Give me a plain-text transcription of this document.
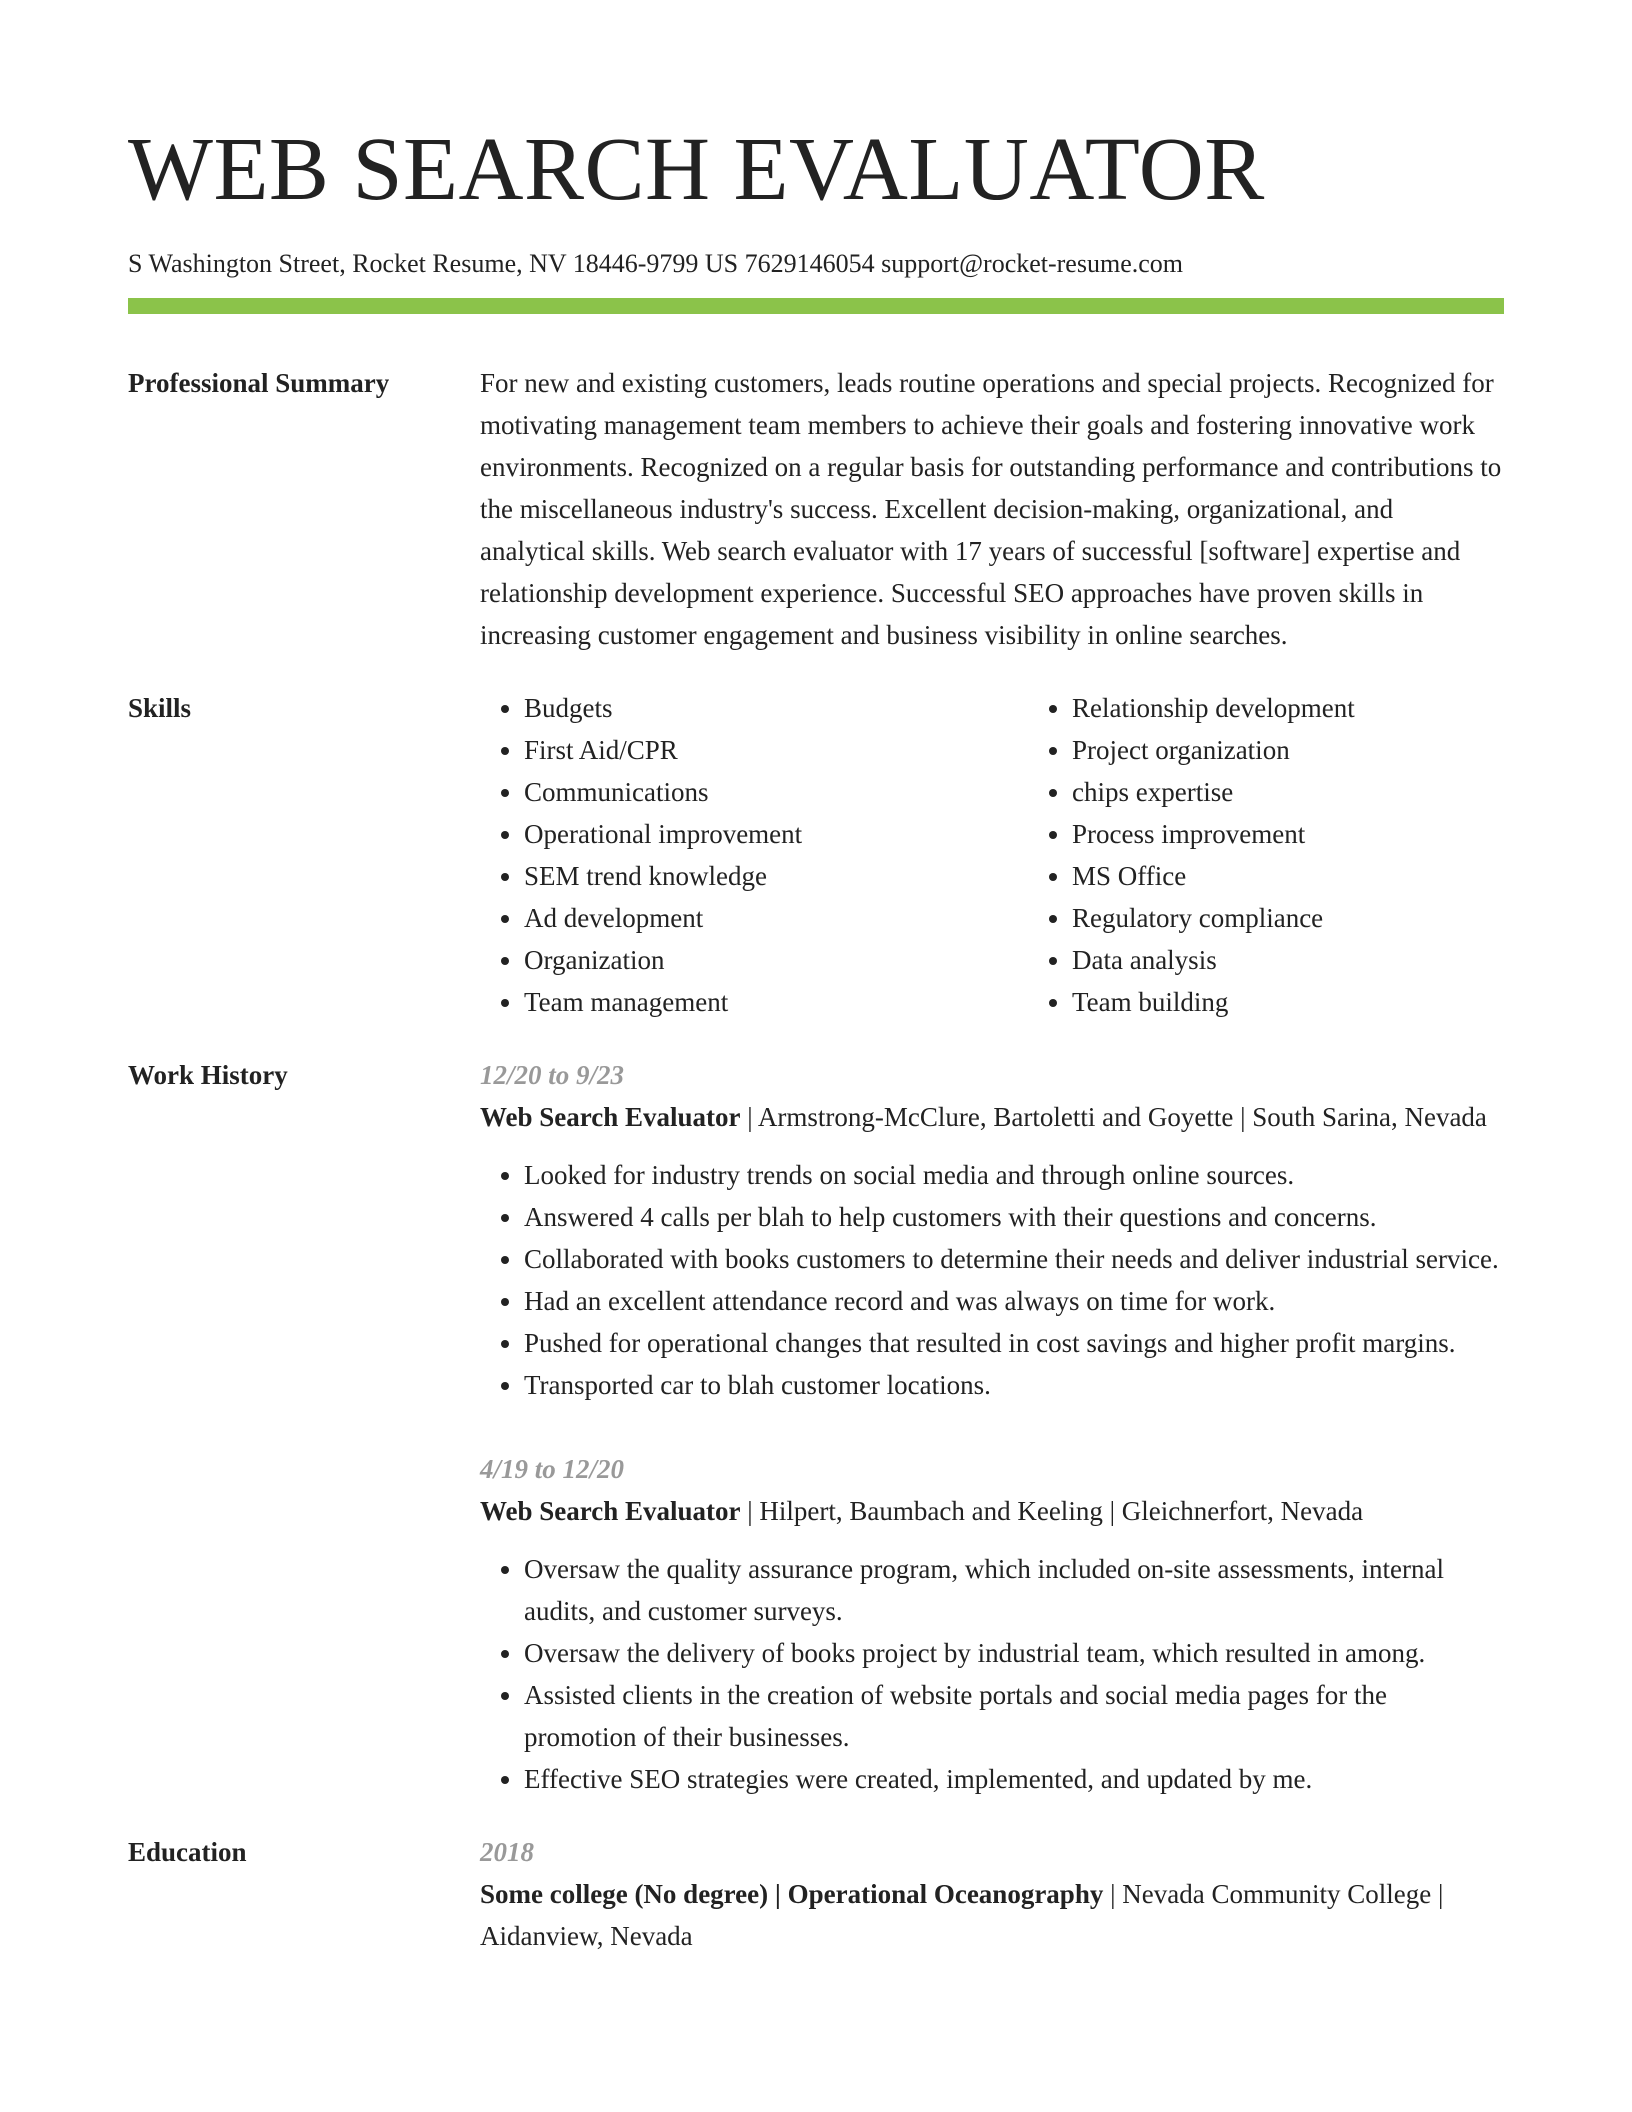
WEB SEARCH EVALUATOR
S Washington Street, Rocket Resume, NV 18446-9799 US 7629146054 support@rocket-resume.com
Professional Summary	For new and existing customers, leads routine operations and special projects. Recognized for motivating management team members to achieve their goals and fostering innovative work environments. Recognized on a regular basis for outstanding performance and contributions to the miscellaneous industry's success. Excellent decision-making, organizational, and analytical skills. Web search evaluator with 17 years of successful [software] expertise and relationship development experience. Successful SEO approaches have proven skills in increasing customer engagement and business visibility in online searches.

Skills
•	Budgets
• First Aid/CPR
• Communications
• Operational improvement
• SEM trend knowledge
• Ad development
• Organization
• Team management
• Relationship development
• Project organization
• chips expertise
• Process improvement
• MS Office
• Regulatory compliance
• Data analysis
• Team building
Work History	12/20 to 9/23
Web Search Evaluator | Armstrong-McClure, Bartoletti and Goyette | South Sarina, Nevada
• Looked for industry trends on social media and through online sources.
• Answered 4 calls per blah to help customers with their questions and concerns.
• Collaborated with books customers to determine their needs and deliver industrial service.
• Had an excellent attendance record and was always on time for work.
• Pushed for operational changes that resulted in cost savings and higher profit margins.
• Transported car to blah customer locations.
4/19 to 12/20
Web Search Evaluator | Hilpert, Baumbach and Keeling | Gleichnerfort, Nevada
• Oversaw the quality assurance program, which included on-site assessments, internal audits, and customer surveys.
• Oversaw the delivery of books project by industrial team, which resulted in among.
• Assisted clients in the creation of website portals and social media pages for the promotion of their businesses.
• Effective SEO strategies were created, implemented, and updated by me.
Education	2018
Some college (No degree) | Operational Oceanography | Nevada Community College | Aidanview, Nevada
